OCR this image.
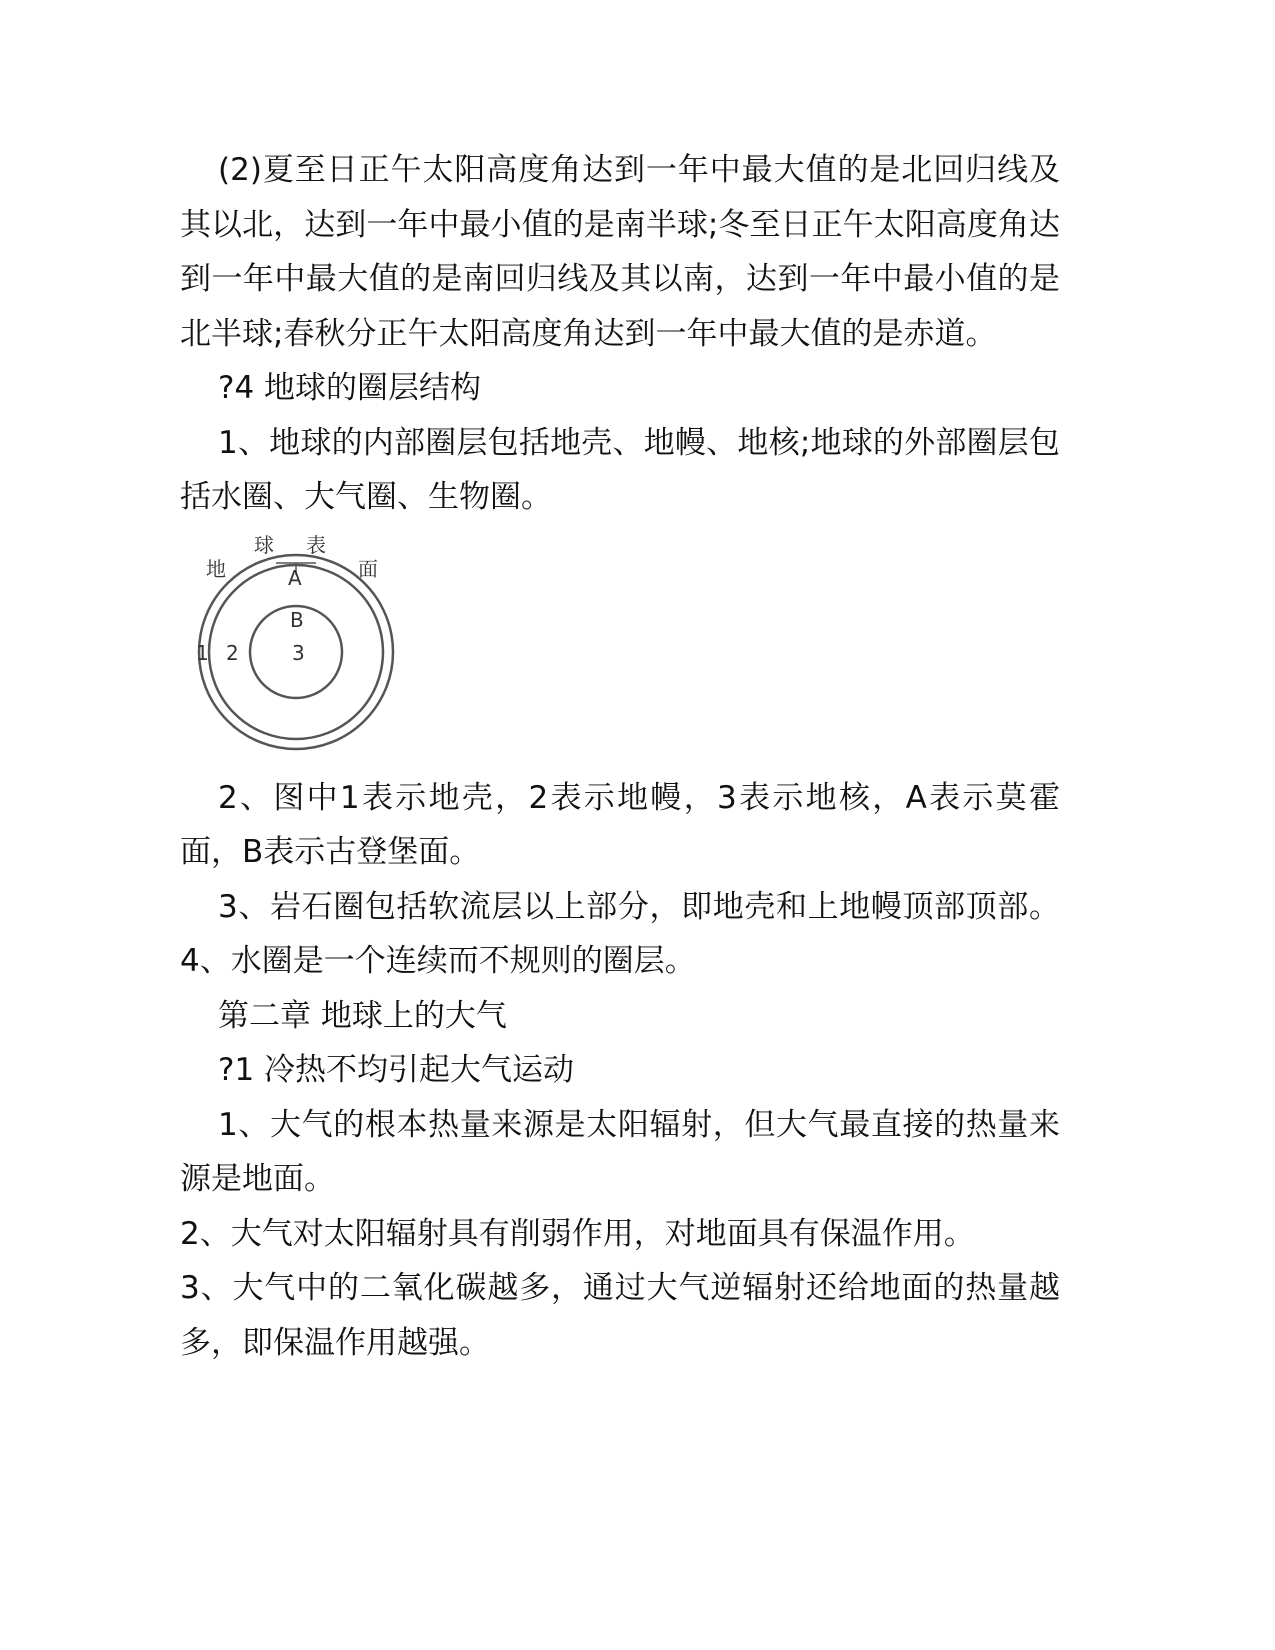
(2)夏至日正午太阳高度角达到一年中最大值的是北回归线及其以北，达到一年中最小值的是南半球;冬至日正午太阳高度角达到一年中最大值的是南回归线及其以南，达到一年中最小值的是北半球;春秋分正午太阳高度角达到一年中最大值的是赤道。

?4 地球的圈层结构

1、地球的内部圈层包括地壳、地幔、地核;地球的外部圈层包括水圈、大气圈、生物圈。

地
球 表
面
A
B
1 2	3

2、图中1表示地壳，2表示地幔，3表示地核，A表示莫霍面，B表示古登堡面。

3、岩石圈包括软流层以上部分，即地壳和上地幔顶部顶部。 4、水圈是一个连续而不规则的圈层。

第二章 地球上的大气

?1 冷热不均引起大气运动

1、大气的根本热量来源是太阳辐射，但大气最直接的热量来源是地面。

2、大气对太阳辐射具有削弱作用，对地面具有保温作用。

3、大气中的二氧化碳越多，通过大气逆辐射还给地面的热量越多，即保温作用越强。
